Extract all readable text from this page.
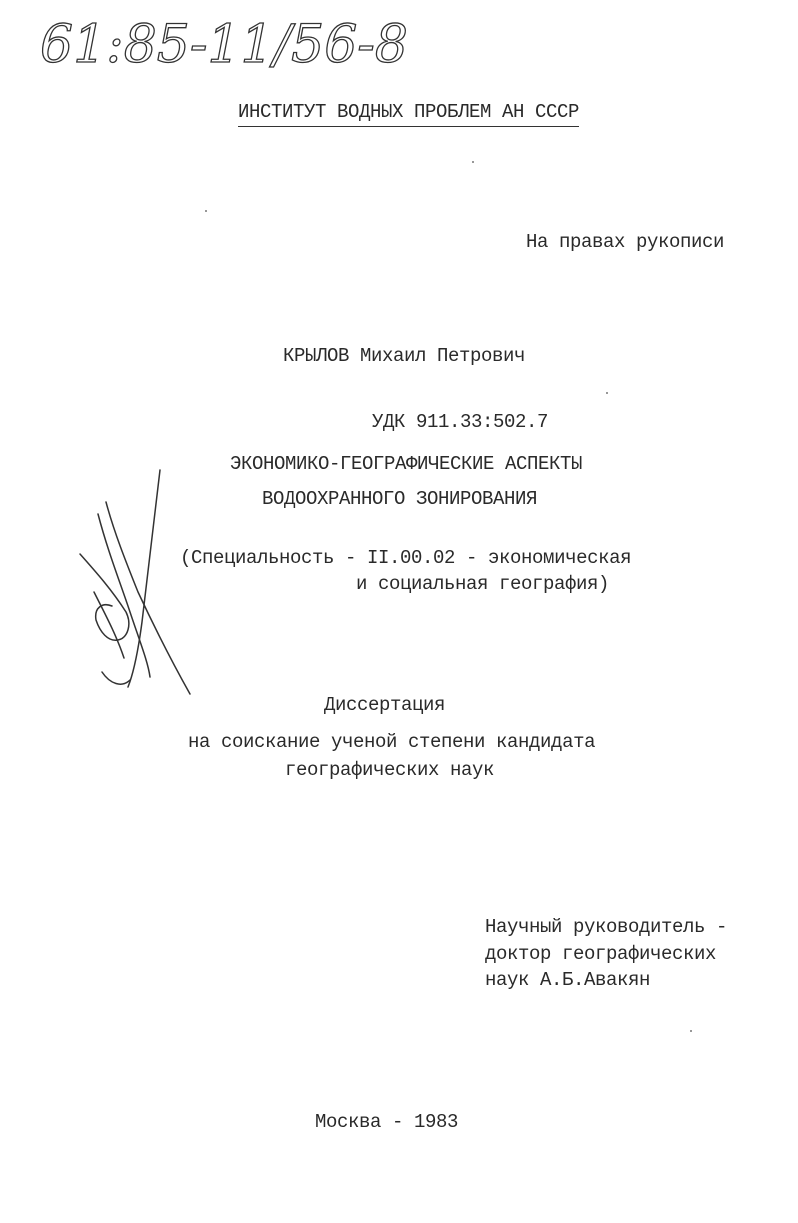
61:85-11/56-8
ИНСТИТУТ ВОДНЫХ ПРОБЛЕМ АН СССР
На правах рукописи
КРЫЛОВ Михаил Петрович
УДК 911.33:502.7
ЭКОНОМИКО-ГЕОГРАФИЧЕСКИЕ АСПЕКТЫ
ВОДООХРАННОГО ЗОНИРОВАНИЯ
(Специальность - II.00.02 - экономическая
и социальная география)
Диссертация
на соискание ученой степени кандидата
географических наук
Научный руководитель -
доктор географических
наук А.Б.Авакян
Москва - 1983
